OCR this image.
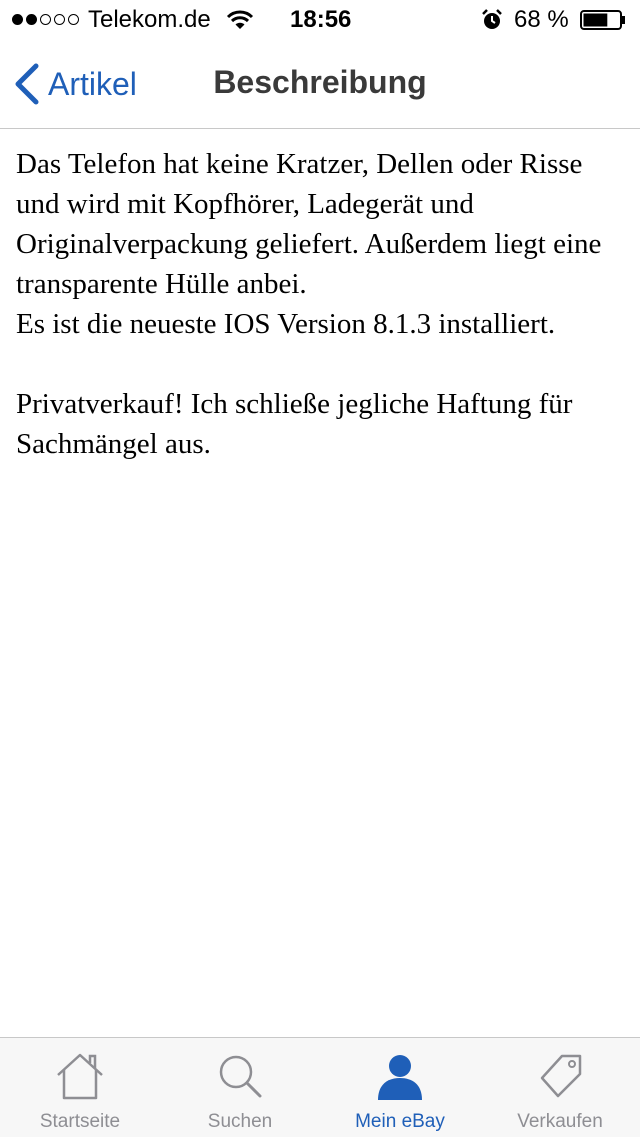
Telekom.de	18:56	68 %
Artikel	Beschreibung

Das Telefon hat keine Kratzer, Dellen oder Risse und wird mit Kopfhörer, Ladegerät und Originalverpackung geliefert. Außerdem liegt eine transparente Hülle anbei.

Es ist die neueste IOS Version 8.1.3 installiert.

Privatverkauf! Ich schließe jegliche Haftung für Sachmängel aus.

Startseite	Suchen	Mein eBay	Verkaufen
